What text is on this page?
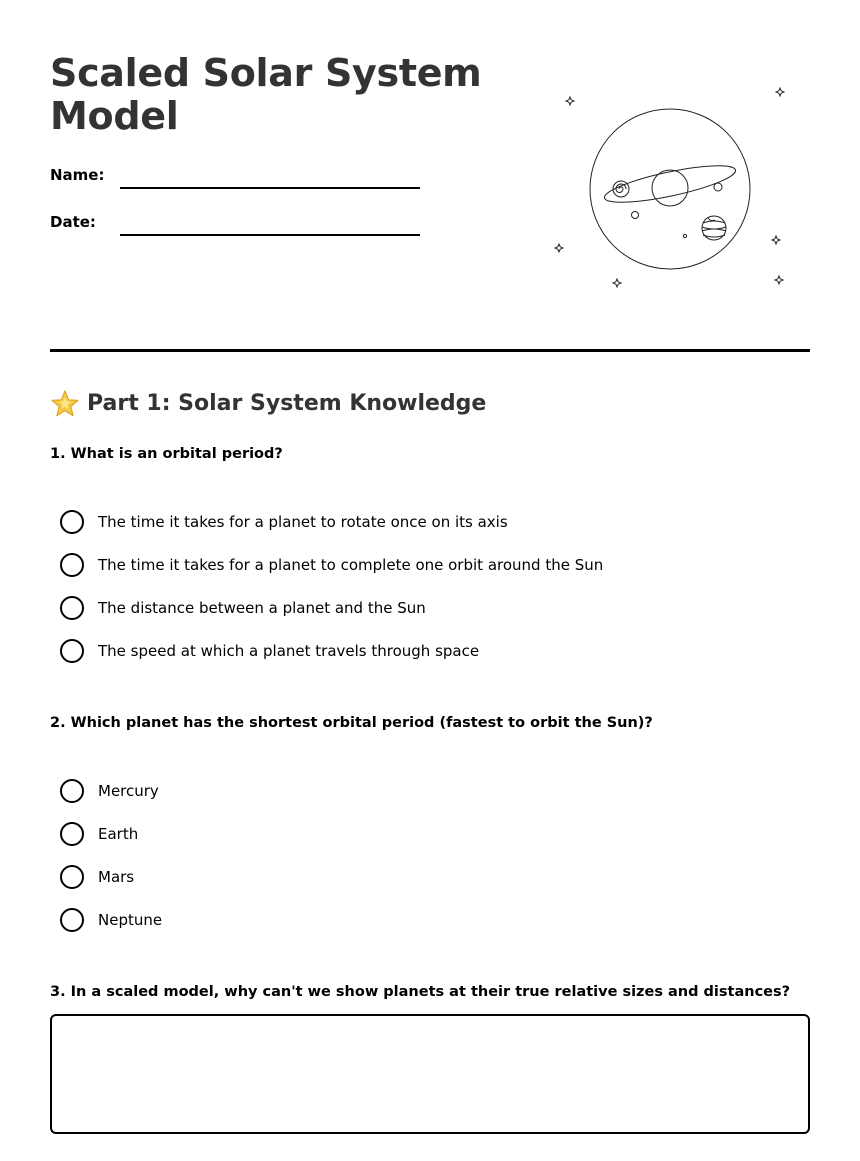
Scaled Solar System Model
Name:
Date:
Part 1: Solar System Knowledge

1. What is an orbital period?

The time it takes for a planet to rotate once on its axis
The time it takes for a planet to complete one orbit around the Sun
The distance between a planet and the Sun
The speed at which a planet travels through space

2. Which planet has the shortest orbital period (fastest to orbit the Sun)?

Mercury
Earth
Mars
Neptune

3. In a scaled model, why can't we show planets at their true relative sizes and distances?
